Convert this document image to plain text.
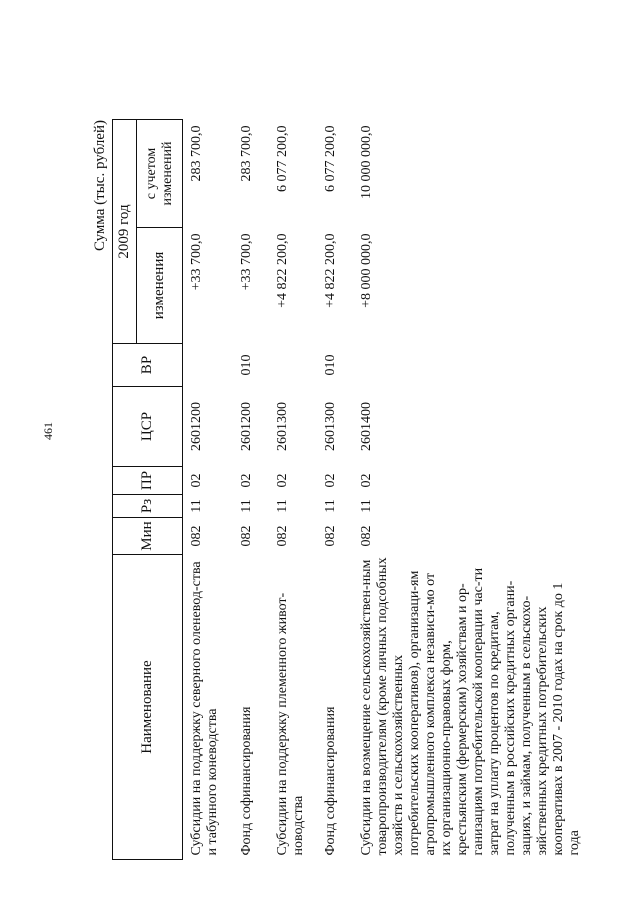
461
Сумма (тыс. рублей)
Наименование	Мин	Рз	ПР	ЦСР	ВР	2009 год	
						изменения	с учетом изменений
Субсидии на поддержку северного оленевод-ства и табунного коневодства	082	11	02	2601200		+33 700,0	283 700,0
Фонд софинансирования	082	11	02	2601200	010	+33 700,0	283 700,0
Субсидии на поддержку племенного живот-новодства	082	11	02	2601300		+4 822 200,0	6 077 200,0
Фонд софинансирования	082	11	02	2601300	010	+4 822 200,0	6 077 200,0
Субсидии на возмещение сельскохозяйствен-ным товаропроизводителям (кроме личных подсобных хозяйств и сельскохозяйственных потребительских кооперативов), организаци-ям агропромышленного комплекса независи-мо от их организационно-правовых форм, крестьянским (фермерским) хозяйствам и ор-ганизациям потребительской кооперации час-ти затрат на уплату процентов по кредитам, полученным в российских кредитных органи-зациях, и займам, полученным в сельскохо-зяйственных кредитных потребительских кооперативах в 2007 - 2010 годах на срок до 1 года	082	11	02	2601400		+8 000 000,0	10 000 000,0
